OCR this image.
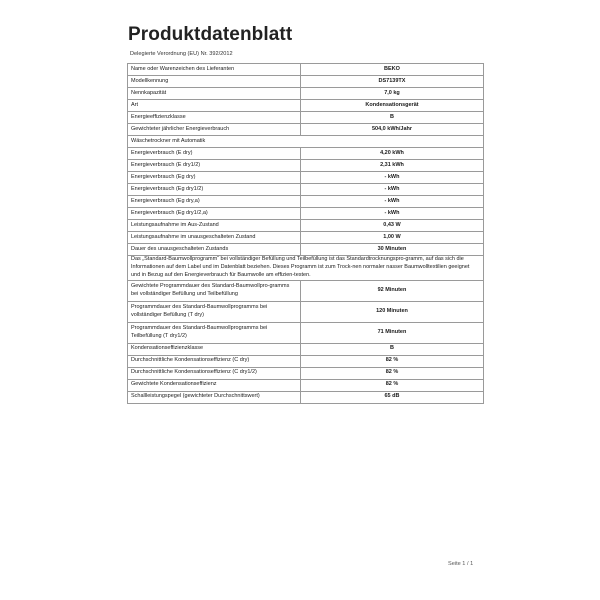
Produktdatenblatt
Delegierte Verordnung (EU) Nr. 392/2012
Name oder Warenzeichen des Lieferanten	BEKO
Modellkennung	DS7139TX
Nennkapazität	7,0 kg
Art	Kondensationsgerät
Energieeffizienzklasse	B
Gewichteter jährlicher Energieverbrauch	504,0 kWh/Jahr
Wäschetrockner mit Automatik	
Energieverbrauch (E dry)	4,20 kWh
Energieverbrauch (E dry1/2)	2,31 kWh
Energieverbrauch (Eg dry)	- kWh
Energieverbrauch (Eg dry1/2)	- kWh
Energieverbrauch (Eg dry,a)	- kWh
Energieverbrauch (Eg dry1/2,a)	- kWh
Leistungsaufnahme im Aus-Zustand	0,43 W
Leistungsaufnahme im unausgeschalteten Zustand	1,00 W
Dauer des unausgeschalteten Zustands	30 Minuten
Das „Standard-Baumwollprogramm“ bei vollständiger Befüllung und Teilbefüllung ist das Standardtrocknungspro-gramm, auf das sich die Informationen auf dem Label und im Datenblatt beziehen. Dieses Programm ist zum Trock-nen normaler nasser Baumwolltextilien geeignet und in Bezug auf den Energieverbrauch für Baumwolle am effizien-testen.	
Gewichtete Programmdauer des Standard-Baumwollpro-gramms bei vollständiger Befüllung und Teilbefüllung	92 Minuten
Programmdauer des Standard-Baumwollprogramms bei vollständiger Befüllung (T dry)	120 Minuten
Programmdauer des Standard-Baumwollprogramms bei Teilbefüllung (T dry1/2)	71 Minuten
Kondensationseffizienzklasse	B
Durchschnittliche Kondensationseffizienz (C dry)	82 %
Durchschnittliche Kondensationseffizienz (C dry1/2)	82 %
Gewichtete Kondensationseffizienz	82 %
Schallleistungspegel (gewichteter Durchschnittswert)	65 dB
Seite 1 / 1
